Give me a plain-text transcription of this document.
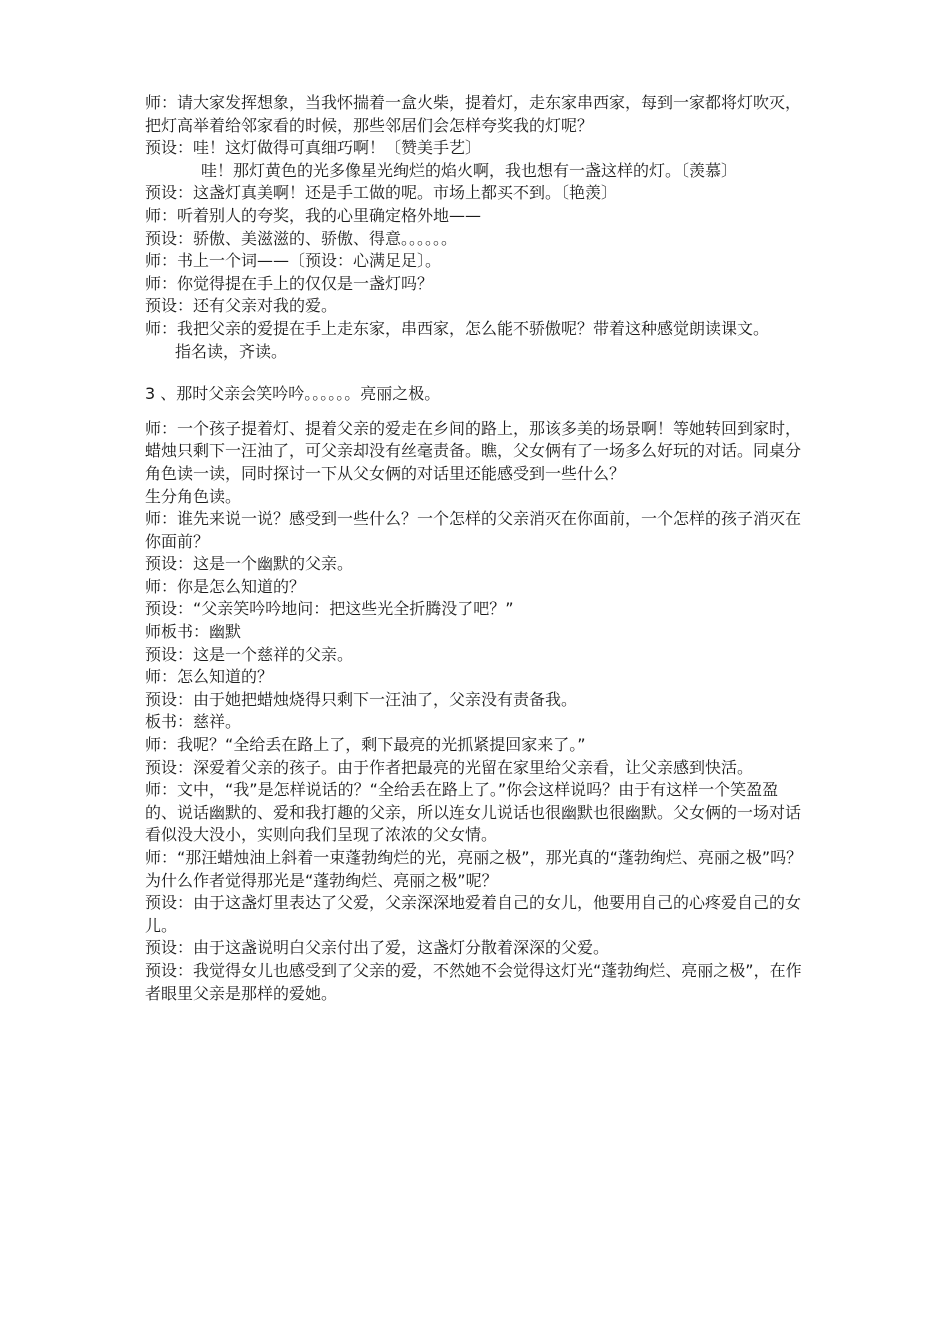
师：请大家发挥想象，当我怀揣着一盒火柴，提着灯，走东家串西家，每到一家都将灯吹灭，把灯高举着给邻家看的时候，那些邻居们会怎样夸奖我的灯呢？

预设：哇！这灯做得可真细巧啊！〔赞美手艺〕

哇！那灯黄色的光多像星光绚烂的焰火啊，我也想有一盏这样的灯。〔羡慕〕

预设：这盏灯真美啊！还是手工做的呢。市场上都买不到。〔艳羡〕

师：听着别人的夸奖，我的心里确定格外地——

预设：骄傲、美滋滋的、骄傲、得意。。。。。。

师：书上一个词——〔预设：心满足足〕。

师：你觉得提在手上的仅仅是一盏灯吗？

预设：还有父亲对我的爱。

师：我把父亲的爱提在手上走东家，串西家，怎么能不骄傲呢？带着这种感觉朗读课文。

指名读，齐读。

3 、那时父亲会笑吟吟。。。。。。亮丽之极。

师：一个孩子提着灯、提着父亲的爱走在乡间的路上，那该多美的场景啊！等她转回到家时，蜡烛只剩下一汪油了，可父亲却没有丝毫责备。瞧，父女俩有了一场多么好玩的对话。同桌分角色读一读，同时探讨一下从父女俩的对话里还能感受到一些什么？

生分角色读。

师：谁先来说一说？感受到一些什么？一个怎样的父亲消灭在你面前，一个怎样的孩子消灭在你面前？

预设：这是一个幽默的父亲。

师：你是怎么知道的？

预设：“父亲笑吟吟地问：把这些光全折腾没了吧？”

师板书：幽默

预设：这是一个慈祥的父亲。

师：怎么知道的？

预设：由于她把蜡烛烧得只剩下一汪油了，父亲没有责备我。

板书：慈祥。

师：我呢？“全给丢在路上了，剩下最亮的光抓紧提回家来了。”

预设：深爱着父亲的孩子。由于作者把最亮的光留在家里给父亲看，让父亲感到快活。

师：文中，“我”是怎样说话的？“全给丢在路上了。”你会这样说吗？由于有这样一个笑盈盈的、说话幽默的、爱和我打趣的父亲，所以连女儿说话也很幽默也很幽默。父女俩的一场对话看似没大没小，实则向我们呈现了浓浓的父女情。

师：“那汪蜡烛油上斜着一束蓬勃绚烂的光，亮丽之极”，那光真的“蓬勃绚烂、亮丽之极”吗？为什么作者觉得那光是“蓬勃绚烂、亮丽之极”呢？

预设：由于这盏灯里表达了父爱，父亲深深地爱着自己的女儿，他要用自己的心疼爱自己的女儿。

预设：由于这盏说明白父亲付出了爱，这盏灯分散着深深的父爱。

预设：我觉得女儿也感受到了父亲的爱，不然她不会觉得这灯光“蓬勃绚烂、亮丽之极”，在作者眼里父亲是那样的爱她。
